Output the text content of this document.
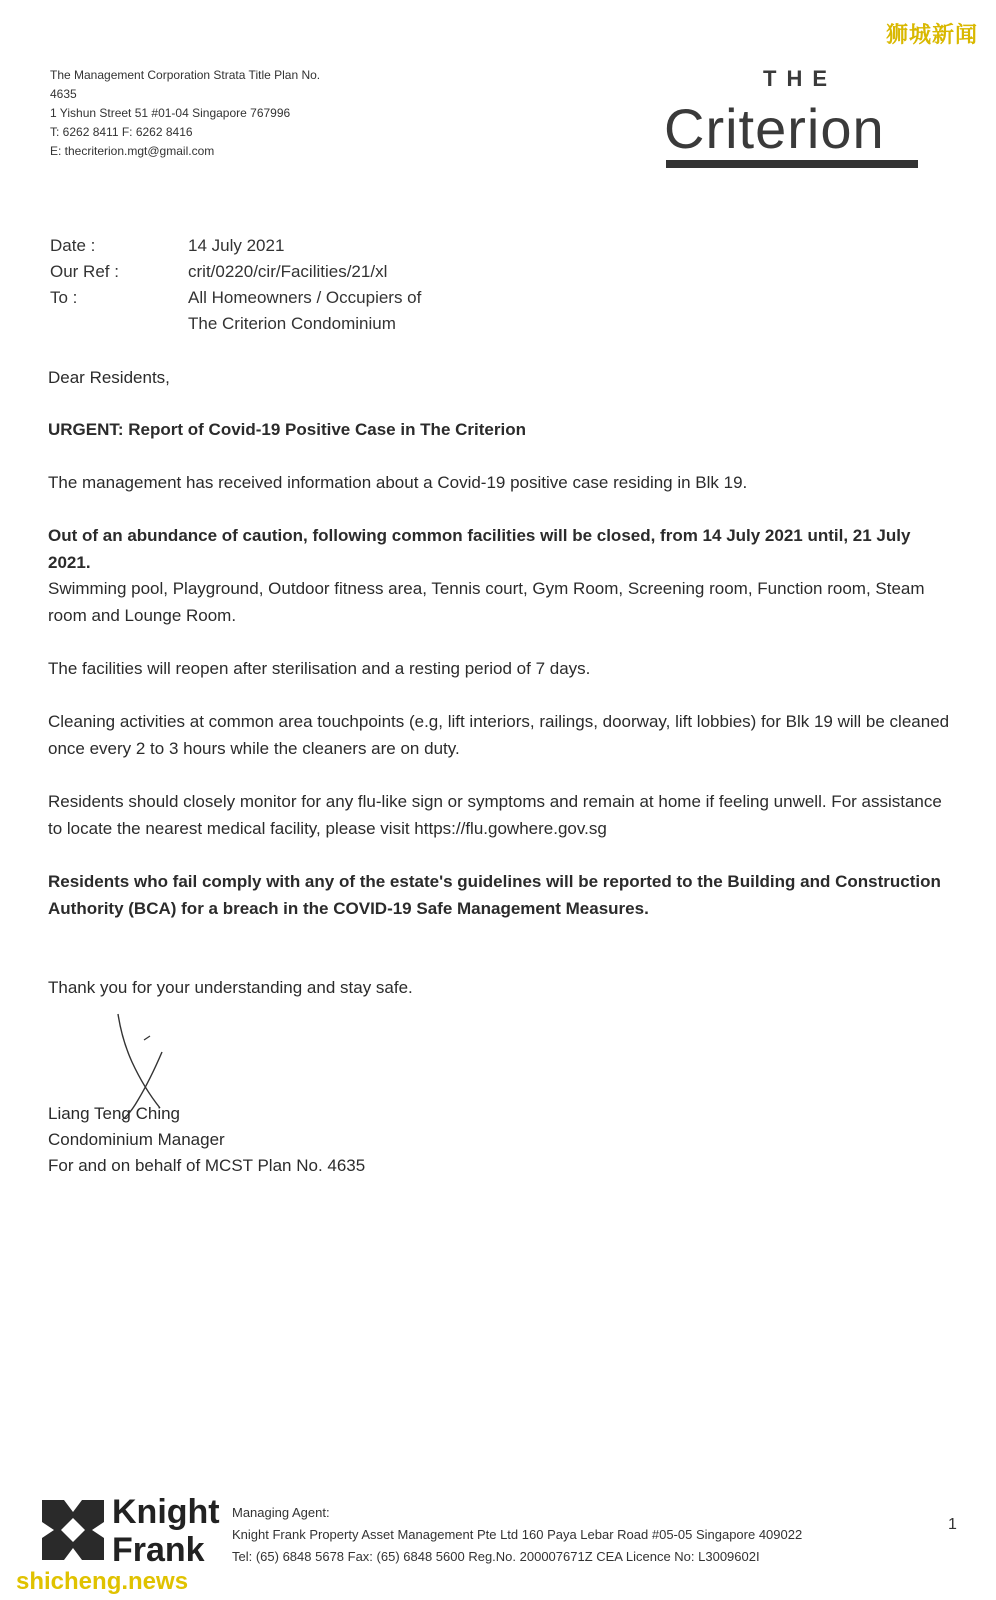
狮城新闻
The Management Corporation Strata Title Plan No.
4635
1 Yishun Street 51 #01-04 Singapore 767996
T: 6262 8411 F: 6262 8416
E: thecriterion.mgt@gmail.com
THE
Criterion
Date :	14 July 2021
Our Ref :	crit/0220/cir/Facilities/21/xl
To :	All Homeowners / Occupiers of
The Criterion Condominium
Dear Residents,
URGENT: Report of Covid-19 Positive Case in The Criterion
The management has received information about a Covid-19 positive case residing in Blk 19.
Out of an abundance of caution, following common facilities will be closed, from 14 July 2021 until, 21 July 2021.
Swimming pool, Playground, Outdoor fitness area, Tennis court, Gym Room, Screening room, Function room, Steam room and Lounge Room.
The facilities will reopen after sterilisation and a resting period of 7 days.
Cleaning activities at common area touchpoints (e.g, lift interiors, railings, doorway, lift lobbies) for Blk 19 will be cleaned once every 2 to 3 hours while the cleaners are on duty.
Residents should closely monitor for any flu-like sign or symptoms and remain at home if feeling unwell. For assistance to locate the nearest medical facility, please visit https://flu.gowhere.gov.sg
Residents who fail comply with any of the estate's guidelines will be reported to the Building and Construction Authority (BCA) for a breach in the COVID-19 Safe Management Measures.
Thank you for your understanding and stay safe.
Liang Teng Ching
Condominium Manager
For and on behalf of MCST Plan No. 4635
Knight
Frank
Managing Agent:
Knight Frank Property Asset Management Pte Ltd 160 Paya Lebar Road #05-05 Singapore 409022
Tel: (65) 6848 5678 Fax: (65) 6848 5600 Reg.No. 200007671Z CEA Licence No: L3009602I
1
shicheng.news
